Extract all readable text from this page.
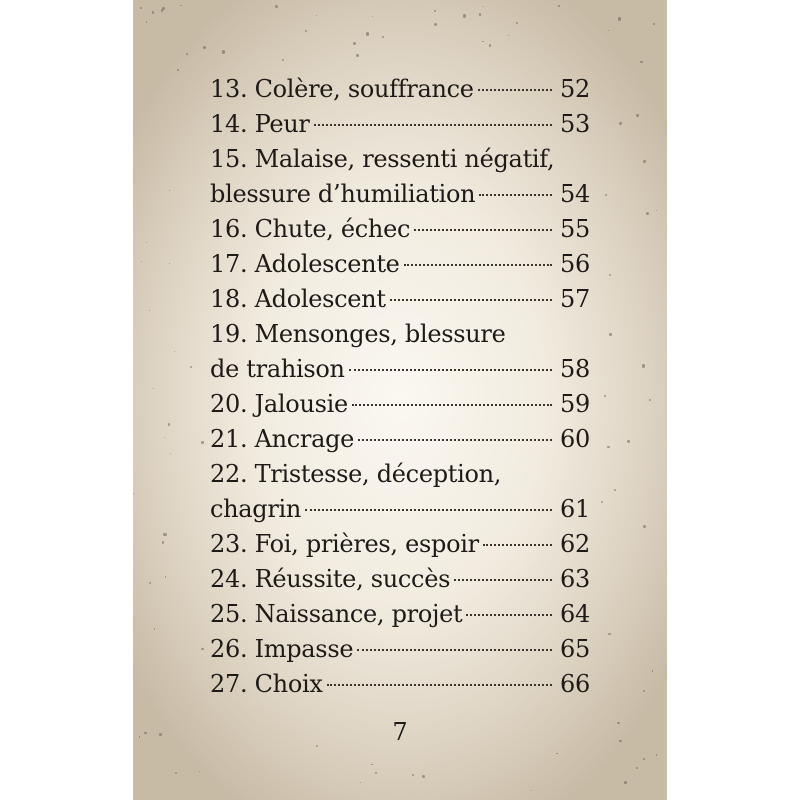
13. Colère, souffrance	52
14. Peur	53
15. Malaise, ressenti négatif,
blessure d’humiliation	54
16. Chute, échec	55
17. Adolescente	56
18. Adolescent	57
19. Mensonges, blessure
de trahison	58
20. Jalousie	59
21. Ancrage	60
22. Tristesse, déception,
chagrin	61
23. Foi, prières, espoir	62
24. Réussite, succès	63
25. Naissance, projet	64
26. Impasse	65
27. Choix	66
7
